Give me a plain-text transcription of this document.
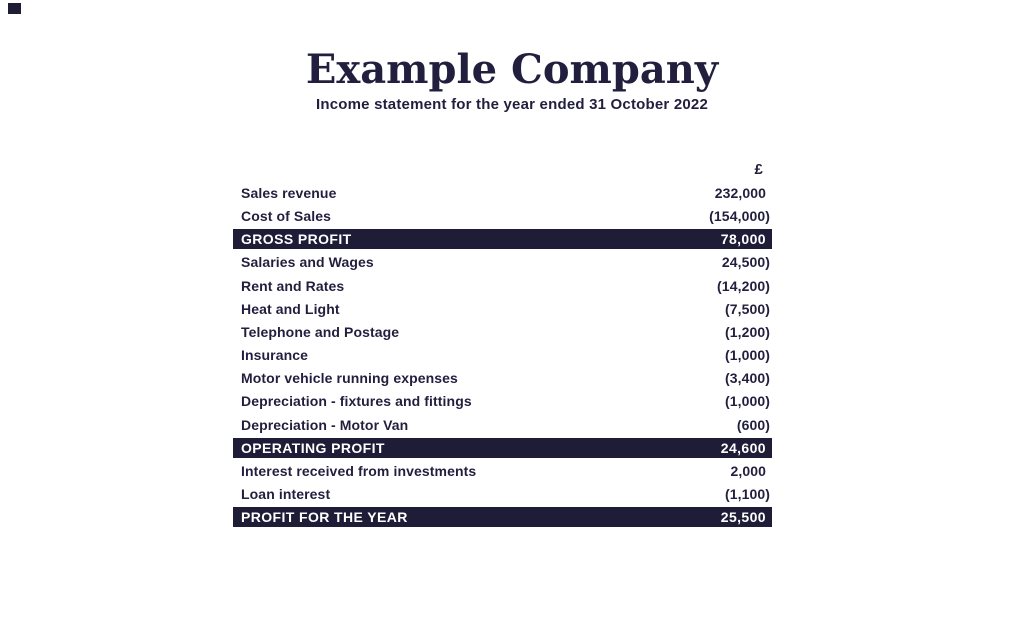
Example Company
Income statement for the year ended 31 October 2022
£
Sales revenue	232,000
Cost of Sales	(154,000)
GROSS PROFIT	78,000
Salaries and Wages	24,500)
Rent and Rates	(14,200)
Heat and Light	(7,500)
Telephone and Postage	(1,200)
Insurance	(1,000)
Motor vehicle running expenses	(3,400)
Depreciation - fixtures and fittings	(1,000)
Depreciation - Motor Van	(600)
OPERATING PROFIT	24,600
Interest received from investments	2,000
Loan interest	(1,100)
PROFIT FOR THE YEAR	25,500
